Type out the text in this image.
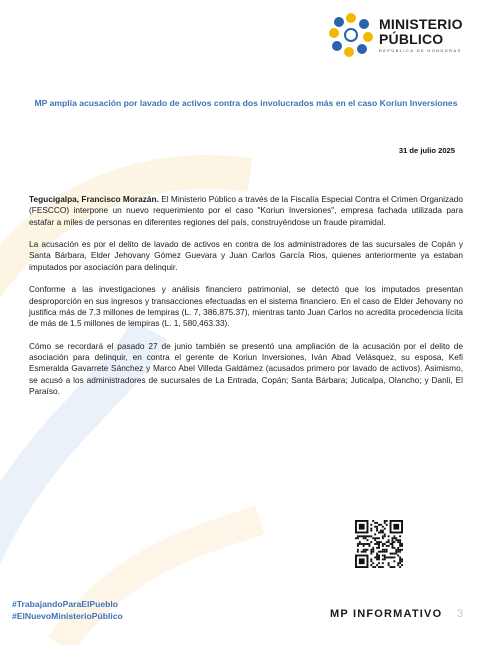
MINISTERIO
PÚBLICO
REPÚBLICA DE HONDURAS
MP amplía acusación por lavado de activos contra dos involucrados más en el caso Koriun Inversiones
31 de julio 2025

Tegucigalpa, Francisco Morazán. El Ministerio Público a través de la Fiscalía Especial Contra el Crimen Organizado (FESCCO) interpone un nuevo requerimiento por el caso "Koriun Inversiones", empresa fachada utilizada para estafar a miles de personas en diferentes regiones del país, construyéndose un fraude piramidal.

La acusación es por el delito de lavado de activos en contra de los administradores de las sucursales de Copán y Santa Bárbara, Elder Jehovany Gómez Guevara y Juan Carlos García Rios, quienes anteriormente ya estaban imputados por asociación para delinquir.

Conforme a las investigaciones y análisis financiero patrimonial, se detectó que los imputados presentan desproporción en sus ingresos y transacciones efectuadas en el sistema financiero. En el caso de Elder Jehovany no justifica más de 7.3 millones de lempiras (L. 7, 386,875.37), mientras tanto Juan Carlos no acredita procedencia lícita de más de 1.5 millones de lempiras (L. 1, 580,463.33).

Cómo se recordará el pasado 27 de junio también se presentó una ampliación de la acusación por el delito de asociación para delinquir, en contra el gerente de Koriun Inversiones, Iván Abad Velásquez, su esposa, Kefi Esmeralda Gavarrete Sánchez y Marco Abel Villeda Galdámez (acusados primero por lavado de activos). Asimismo, se acusó a los administradores de sucursales de La Entrada, Copán; Santa Bárbara; Juticalpa, Olancho; y Danli, El Paraíso.

#TrabajandoParaElPueblo
#ElNuevoMinisterioPúblico	MP INFORMATIVO 3
